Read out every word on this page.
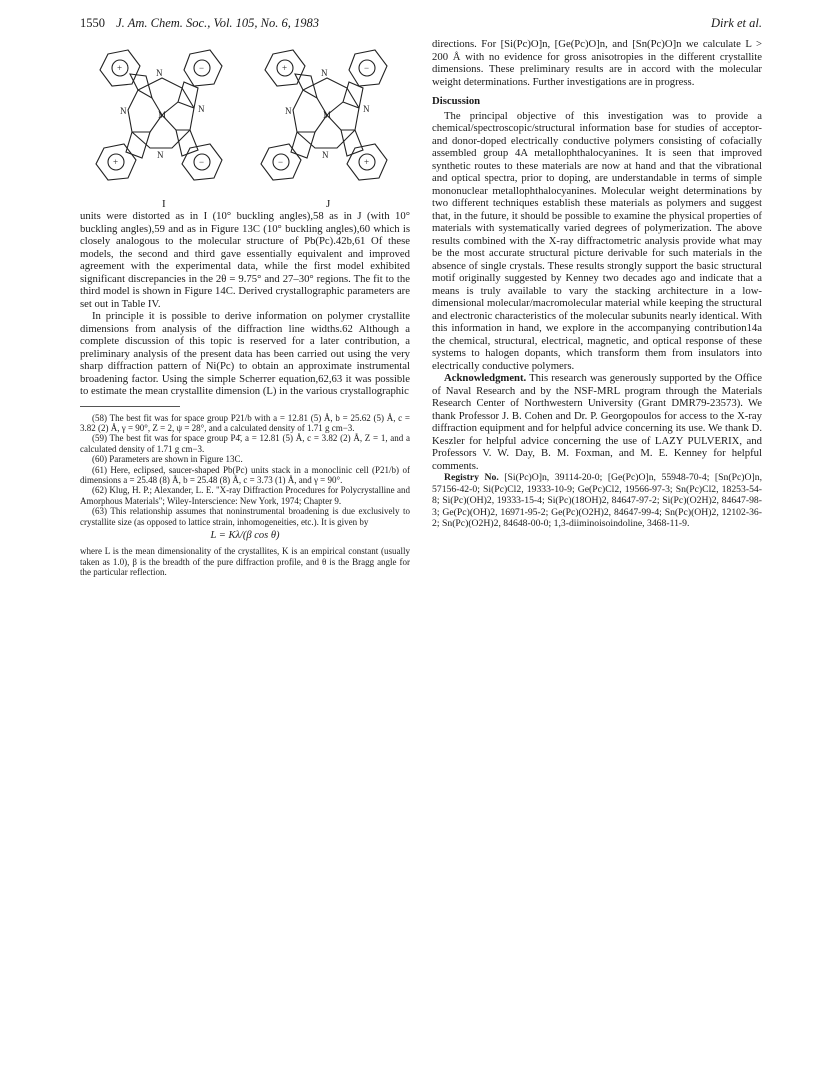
1550 J. Am. Chem. Soc., Vol. 105, No. 6, 1983	Dirk et al.
M
+	−
+	−
N
N
N
N
M
+	−
−	+
N
N
N
N
I	J

units were distorted as in I (10° buckling angles),58 as in J (with 10° buckling angles),59 and as in Figure 13C (10° buckling angles),60 which is closely analogous to the molecular structure of Pb(Pc).42b,61 Of these models, the second and third gave essentially equivalent and improved agreement with the experimental data, while the first model exhibited significant discrepancies in the 2θ = 9.75° and 27–30° regions. The fit to the third model is shown in Figure 14C. Derived crystallographic parameters are set out in Table IV.

In principle it is possible to derive information on polymer crystallite dimensions from analysis of the diffraction line widths.62 Although a complete discussion of this topic is reserved for a later contribution, a preliminary analysis of the present data has been carried out using the very sharp diffraction pattern of Ni(Pc) to obtain an approximate instrumental broadening factor. Using the simple Scherrer equation,62,63 it was possible to estimate the mean crystallite dimension (L) in the various crystallographic

(58) The best fit was for space group P21/b with a = 12.81 (5) Å, b = 25.62 (5) Å, c = 3.82 (2) Å, γ = 90°, Z = 2, ψ = 28°, and a calculated density of 1.71 g cm−3.

(59) The best fit was for space group P4̄, a = 12.81 (5) Å, c = 3.82 (2) Å, Z = 1, and a calculated density of 1.71 g cm−3.

(60) Parameters are shown in Figure 13C.

(61) Here, eclipsed, saucer-shaped Pb(Pc) units stack in a monoclinic cell (P21/b) of dimensions a = 25.48 (8) Å, b = 25.48 (8) Å, c = 3.73 (1) Å, and γ = 90°.

(62) Klug, H. P.; Alexander, L. E. "X-ray Diffraction Procedures for Polycrystalline and Amorphous Materials"; Wiley-Interscience: New York, 1974; Chapter 9.

(63) This relationship assumes that noninstrumental broadening is due exclusively to crystallite size (as opposed to lattice strain, inhomogeneities, etc.). It is given by

L = Kλ/(β cos θ)

where L is the mean dimensionality of the crystallites, K is an empirical constant (usually taken as 1.0), β is the breadth of the pure diffraction profile, and θ is the Bragg angle for the particular reflection.

directions. For [Si(Pc)O]n, [Ge(Pc)O]n, and [Sn(Pc)O]n we calculate L > 200 Å with no evidence for gross anisotropies in the different crystallite dimensions. These preliminary results are in accord with the molecular weight determinations. Further investigations are in progress.

Discussion

The principal objective of this investigation was to provide a chemical/spectroscopic/structural information base for studies of acceptor- and donor-doped electrically conductive polymers consisting of cofacially assembled group 4A metallophthalocyanines. It is seen that improved synthetic routes to these materials are now at hand and that the vibrational and optical spectra, prior to doping, are understandable in terms of simple mononuclear metallophthalocyanines. Molecular weight determinations by two different techniques establish these materials as polymers and suggest that, in the future, it should be possible to examine the physical properties of materials with systematically varied degrees of polymerization. The above results combined with the X-ray diffractometric analysis provide what may be the most accurate structural picture derivable for such materials in the absence of single crystals. These results strongly support the basic structural motif originally suggested by Kenney two decades ago and indicate that a means is truly available to vary the stacking architecture in a low-dimensional molecular/macromolecular material while keeping the structural and electronic characteristics of the molecular subunits nearly identical. With this information in hand, we explore in the accompanying contribution14a the chemical, structural, electrical, magnetic, and optical response of these systems to halogen dopants, which transform them from insulators into electrically conductive polymers.

Acknowledgment. This research was generously supported by the Office of Naval Research and by the NSF-MRL program through the Materials Research Center of Northwestern University (Grant DMR79-23573). We thank Professor J. B. Cohen and Dr. P. Georgopoulos for access to the X-ray diffraction equipment and for helpful advice concerning its use. We thank D. Keszler for helpful advice concerning the use of LAZY PULVERIX, and Professors V. W. Day, B. M. Foxman, and M. E. Kenney for helpful comments.

Registry No. [Si(Pc)O]n, 39114-20-0; [Ge(Pc)O]n, 55948-70-4; [Sn(Pc)O]n, 57156-42-0; Si(Pc)Cl2, 19333-10-9; Ge(Pc)Cl2, 19566-97-3; Sn(Pc)Cl2, 18253-54-8; Si(Pc)(OH)2, 19333-15-4; Si(Pc)(18OH)2, 84647-97-2; Si(Pc)(O2H)2, 84647-98-3; Ge(Pc)(OH)2, 16971-95-2; Ge(Pc)(O2H)2, 84647-99-4; Sn(Pc)(OH)2, 12102-36-2; Sn(Pc)(O2H)2, 84648-00-0; 1,3-diiminoisoindoline, 3468-11-9.
